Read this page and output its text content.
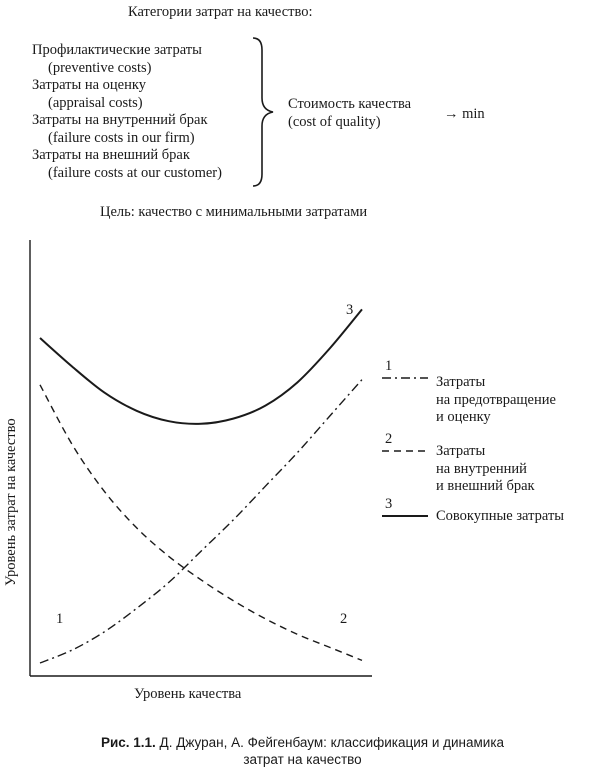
Категории затрат на качество:
Профилактические затраты
(preventive costs)
Затраты на оценку
(appraisal costs)
Затраты на внутренний брак
(failure costs in our firm)
Затраты на внешний брак
(failure costs at our customer)
Стоимость качества
(cost of quality)	→ min
Цель: качество с минимальными затратами
1	2
3
1
2
3
Затраты
на предотвращение
и оценку
Затраты
на внутренний
и внешний брак
Совокупные затраты
Уровень затрат на качество
Уровень качества
Рис. 1.1. Д. Джуран, А. Фейгенбаум: классификация и динамика
затрат на качество
